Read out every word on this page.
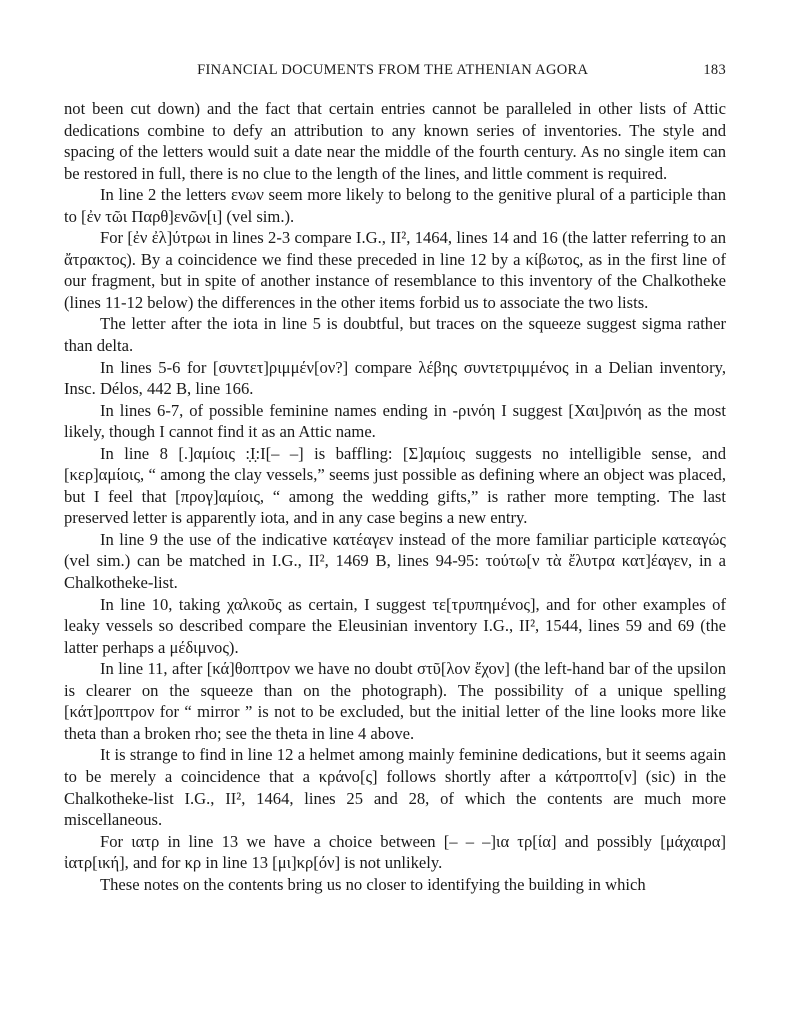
FINANCIAL DOCUMENTS FROM THE ATHENIAN AGORA	183

not been cut down) and the fact that certain entries cannot be paralleled in other lists of Attic dedications combine to defy an attribution to any known series of inventories. The style and spacing of the letters would suit a date near the middle of the fourth century. As no single item can be restored in full, there is no clue to the length of the lines, and little comment is required.

In line 2 the letters ενων seem more likely to belong to the genitive plural of a participle than to [ἐν τῶι Παρθ]ενῶν[ι] (vel sim.).

For [ἐν ἐλ]ύτρωι in lines 2-3 compare I.G., II², 1464, lines 14 and 16 (the latter referring to an ἄτρακτος). By a coincidence we find these preceded in line 12 by a κίβωτος, as in the first line of our fragment, but in spite of another instance of resemblance to this inventory of the Chalkotheke (lines 11-12 below) the differences in the other items forbid us to associate the two lists.

The letter after the iota in line 5 is doubtful, but traces on the squeeze suggest sigma rather than delta.

In lines 5-6 for [συντετ]ριμμέν[ον?] compare λέβης συντετριμμένος in a Delian inventory, Insc. Délos, 442 B, line 166.

In lines 6-7, of possible feminine names ending in -ρινόη I suggest [Χαι]ρινόη as the most likely, though I cannot find it as an Attic name.

In line 8 [.]αμίοις :̣Ι̣:Ι[– –] is baffling: [Σ]αμίοις suggests no intelligible sense, and [κερ]αμίοις, “ among the clay vessels,” seems just possible as defining where an object was placed, but I feel that [προγ]αμίοις, “ among the wedding gifts,” is rather more tempting. The last preserved letter is apparently iota, and in any case begins a new entry.

In line 9 the use of the indicative κατέαγεν instead of the more familiar participle κατεαγώς (vel sim.) can be matched in I.G., II², 1469 B, lines 94-95: τούτω[ν τὰ ἔλυτρα κατ]έαγεν, in a Chalkotheke-list.

In line 10, taking χαλκοῦς as certain, I suggest τε[τρυπημένος], and for other examples of leaky vessels so described compare the Eleusinian inventory I.G., II², 1544, lines 59 and 69 (the latter perhaps a μέδιμνος).

In line 11, after [κά]θοπτρον we have no doubt στῦ[λον ἔχον] (the left-hand bar of the upsilon is clearer on the squeeze than on the photograph). The possibility of a unique spelling [κάτ]ροπτρον for “ mirror ” is not to be excluded, but the initial letter of the line looks more like theta than a broken rho; see the theta in line 4 above.

It is strange to find in line 12 a helmet among mainly feminine dedications, but it seems again to be merely a coincidence that a κράνο[ς] follows shortly after a κάτροπτο[ν] (sic) in the Chalkotheke-list I.G., II², 1464, lines 25 and 28, of which the contents are much more miscellaneous.

For ιατρ in line 13 we have a choice between [– – –]ια τρ[ία] and possibly [μάχαιρα] ἰατρ[ική], and for κρ in line 13 [μι]κρ[όν] is not unlikely.

These notes on the contents bring us no closer to identifying the building in which
